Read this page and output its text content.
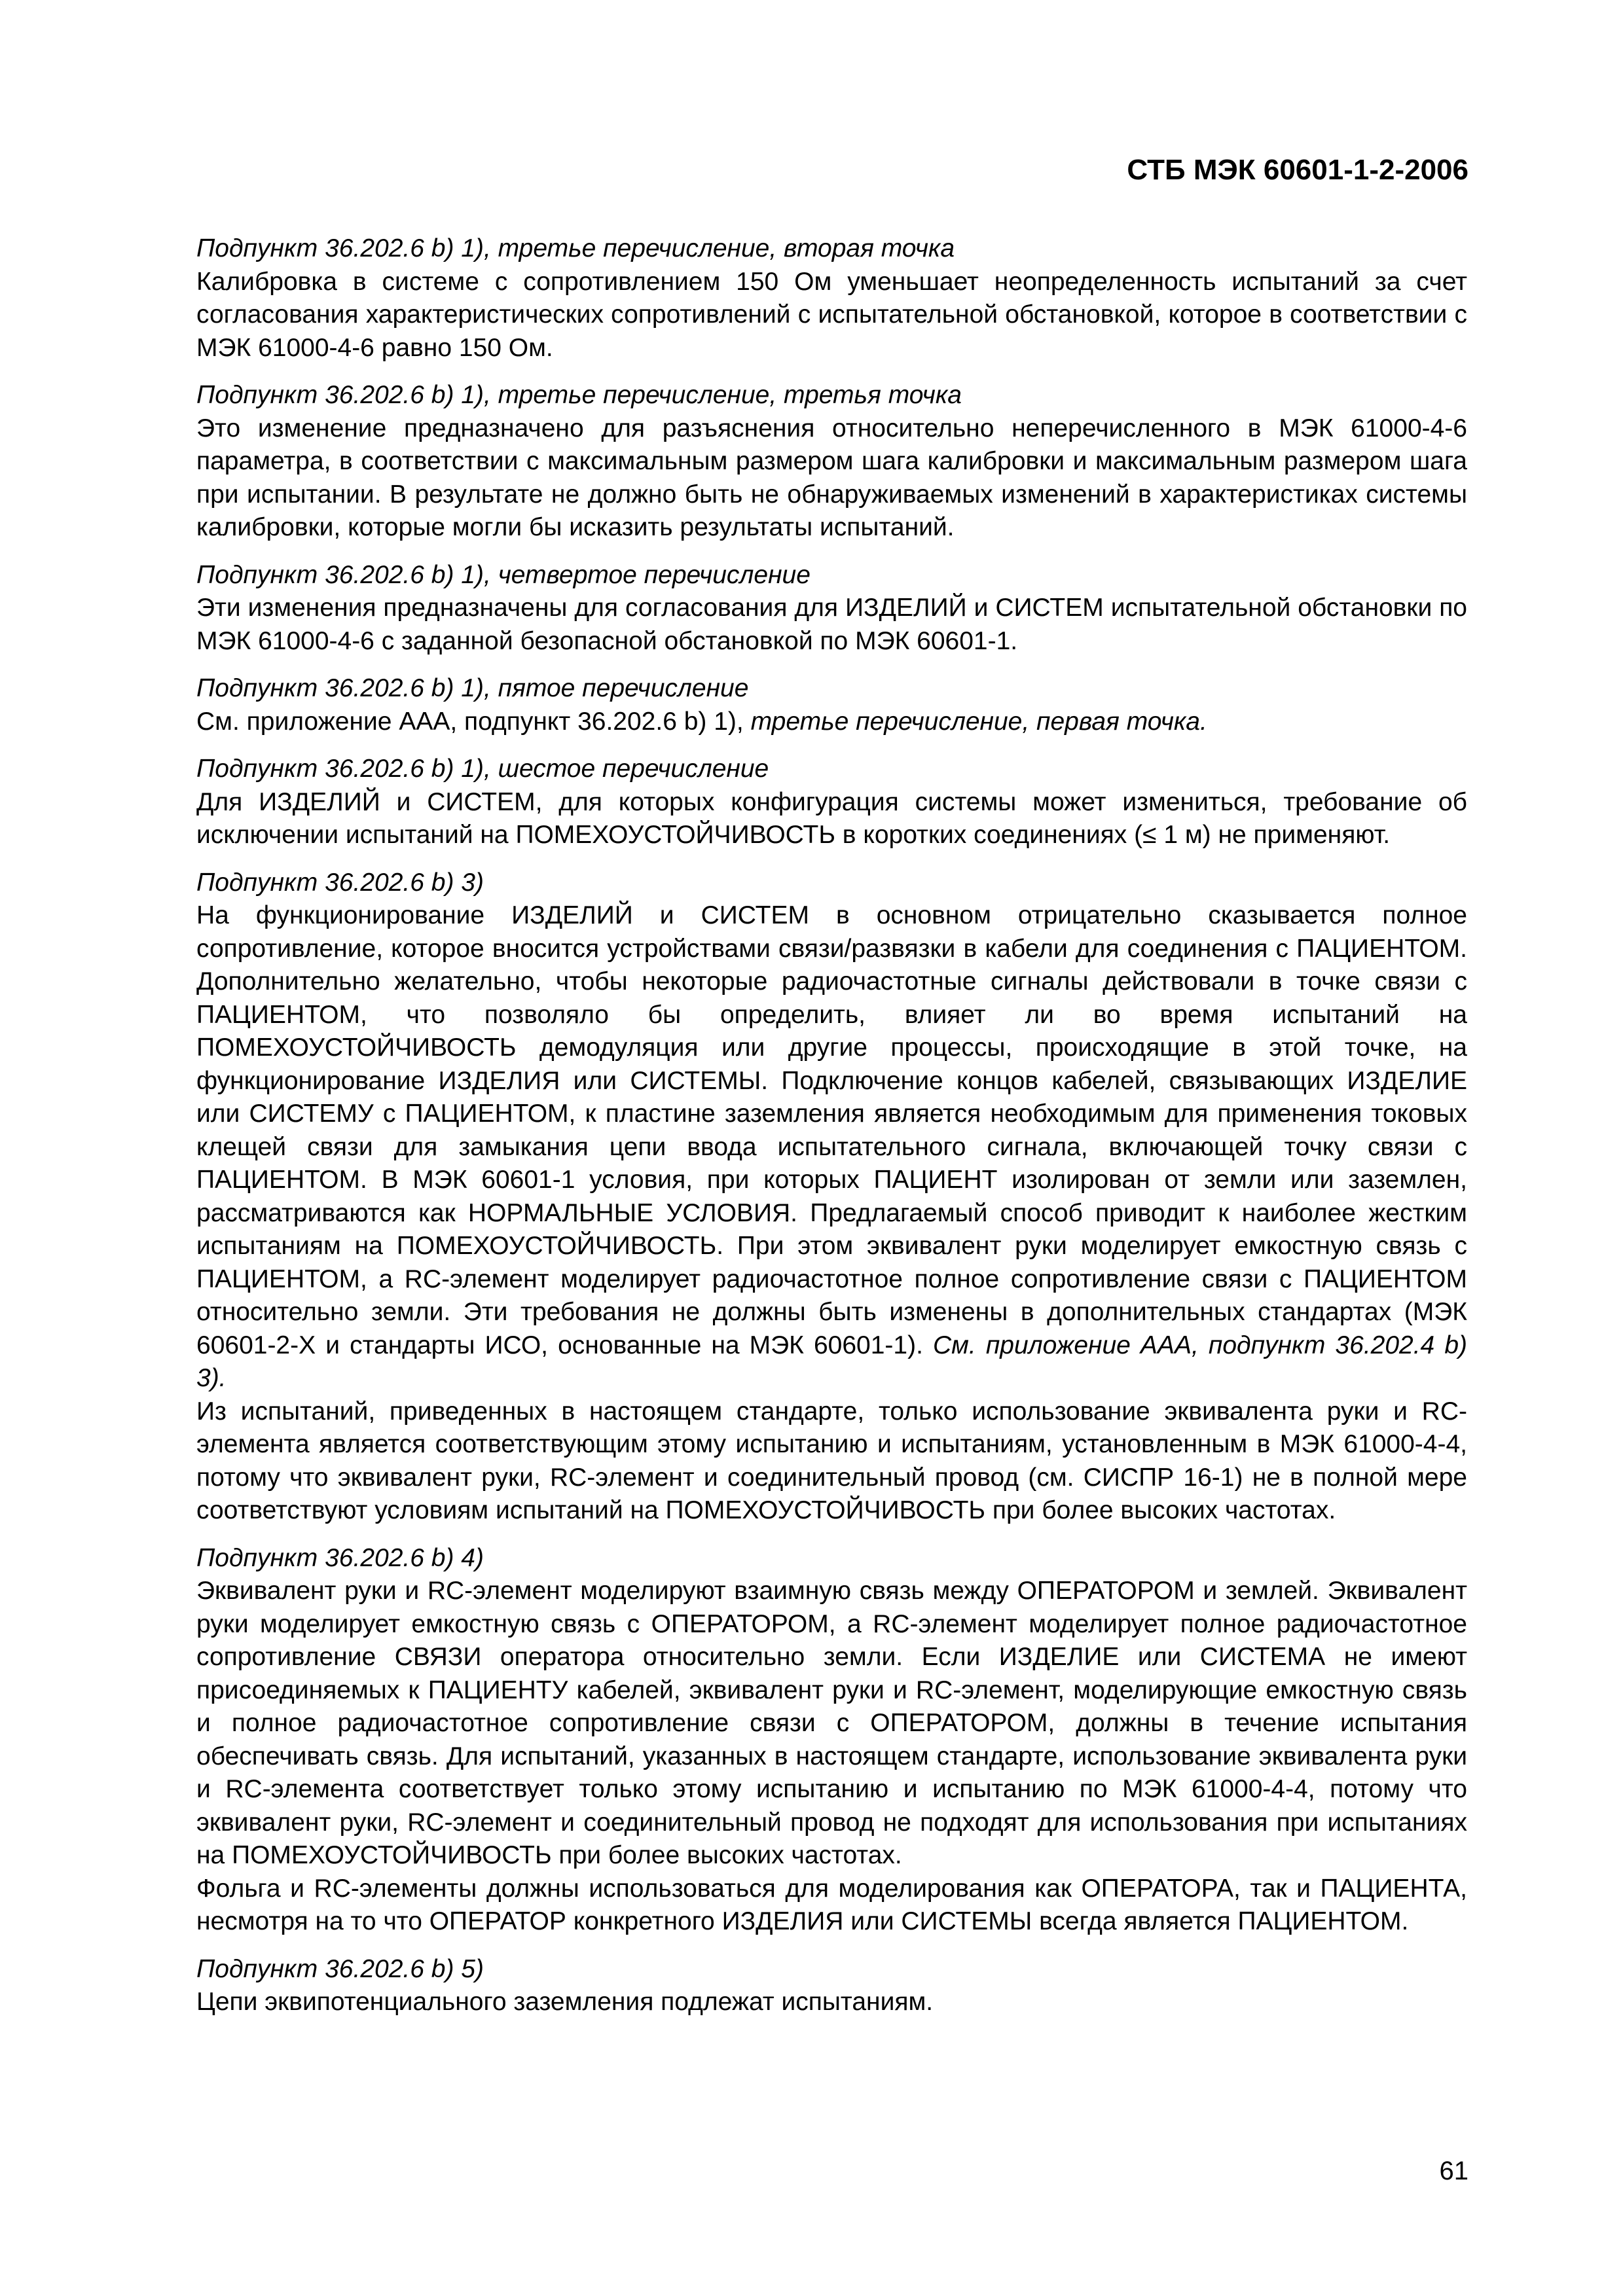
СТБ МЭК 60601-1-2-2006
Подпункт 36.202.6 b) 1), третье перечисление, вторая точка

Калибровка в системе с сопротивлением 150 Ом уменьшает неопределенность испытаний за счет согласования характеристических сопротивлений с испытательной обстановкой, которое в соответствии с МЭК 61000-4-6 равно 150 Ом.

Подпункт 36.202.6 b) 1), третье перечисление, третья точка

Это изменение предназначено для разъяснения относительно неперечисленного в МЭК 61000-4-6 параметра, в соответствии с максимальным размером шага калибровки и максимальным размером шага при испытании. В результате не должно быть не обнаруживаемых изменений в характеристиках системы калибровки, которые могли бы исказить результаты испытаний.

Подпункт 36.202.6 b) 1), четвертое перечисление

Эти изменения предназначены для согласования для ИЗДЕЛИЙ и СИСТЕМ испытательной обстановки по МЭК 61000-4-6 с заданной безопасной обстановкой по МЭК 60601-1.

Подпункт 36.202.6 b) 1), пятое перечисление

См. приложение ААА, подпункт 36.202.6 b) 1), третье перечисление, первая точка.

Подпункт 36.202.6 b) 1), шестое перечисление

Для ИЗДЕЛИЙ и СИСТЕМ, для которых конфигурация системы может измениться, требование об исключении испытаний на ПОМЕХОУСТОЙЧИВОСТЬ в коротких соединениях (≤ 1 м) не применяют.

Подпункт 36.202.6 b) 3)

На функционирование ИЗДЕЛИЙ и СИСТЕМ в основном отрицательно сказывается полное сопротивление, которое вносится устройствами связи/развязки в кабели для соединения с ПАЦИЕНТОМ. Дополнительно желательно, чтобы некоторые радиочастотные сигналы действовали в точке связи с ПАЦИЕНТОМ, что позволяло бы определить, влияет ли во время испытаний на ПОМЕХОУСТОЙЧИВОСТЬ демодуляция или другие процессы, происходящие в этой точке, на функционирование ИЗДЕЛИЯ или СИСТЕМЫ. Подключение концов кабелей, связывающих ИЗДЕЛИЕ или СИСТЕМУ с ПАЦИЕНТОМ, к пластине заземления является необходимым для применения токовых клещей связи для замыкания цепи ввода испытательного сигнала, включающей точку связи с ПАЦИЕНТОМ. В МЭК 60601-1 условия, при которых ПАЦИЕНТ изолирован от земли или заземлен, рассматриваются как НОРМАЛЬНЫЕ УСЛОВИЯ. Предлагаемый способ приводит к наиболее жестким испытаниям на ПОМЕХОУСТОЙЧИВОСТЬ. При этом эквивалент руки моделирует емкостную связь с ПАЦИЕНТОМ, а RC-элемент моделирует радиочастотное полное сопротивление связи с ПАЦИЕНТОМ относительно земли. Эти требования не должны быть изменены в дополнительных стандартах (МЭК 60601-2-X и стандарты ИСО, основанные на МЭК 60601-1). См. приложение ААА, подпункт 36.202.4 b) 3).

Из испытаний, приведенных в настоящем стандарте, только использование эквивалента руки и RC-элемента является соответствующим этому испытанию и испытаниям, установленным в МЭК 61000-4-4, потому что эквивалент руки, RC-элемент и соединительный провод (см. СИСПР 16-1) не в полной мере соответствуют условиям испытаний на ПОМЕХОУСТОЙЧИВОСТЬ при более высоких частотах.

Подпункт 36.202.6 b) 4)

Эквивалент руки и RC-элемент моделируют взаимную связь между ОПЕРАТОРОМ и землей. Эквивалент руки моделирует емкостную связь с ОПЕРАТОРОМ, а RC-элемент моделирует полное радиочастотное сопротивление СВЯЗИ оператора относительно земли. Если ИЗДЕЛИЕ или СИСТЕМА не имеют присоединяемых к ПАЦИЕНТУ кабелей, эквивалент руки и RC-элемент, моделирующие емкостную связь и полное радиочастотное сопротивление связи с ОПЕРАТОРОМ, должны в течение испытания обеспечивать связь. Для испытаний, указанных в настоящем стандарте, использование эквивалента руки и RC-элемента соответствует только этому испытанию и испытанию по МЭК 61000-4-4, потому что эквивалент руки, RC-элемент и соединительный провод не подходят для использования при испытаниях на ПОМЕХОУСТОЙЧИВОСТЬ при более высоких частотах.

Фольга и RC-элементы должны использоваться для моделирования как ОПЕРАТОРА, так и ПАЦИЕНТА, несмотря на то что ОПЕРАТОР конкретного ИЗДЕЛИЯ или СИСТЕМЫ всегда является ПАЦИЕНТОМ.

Подпункт 36.202.6 b) 5)

Цепи эквипотенциального заземления подлежат испытаниям.

61
